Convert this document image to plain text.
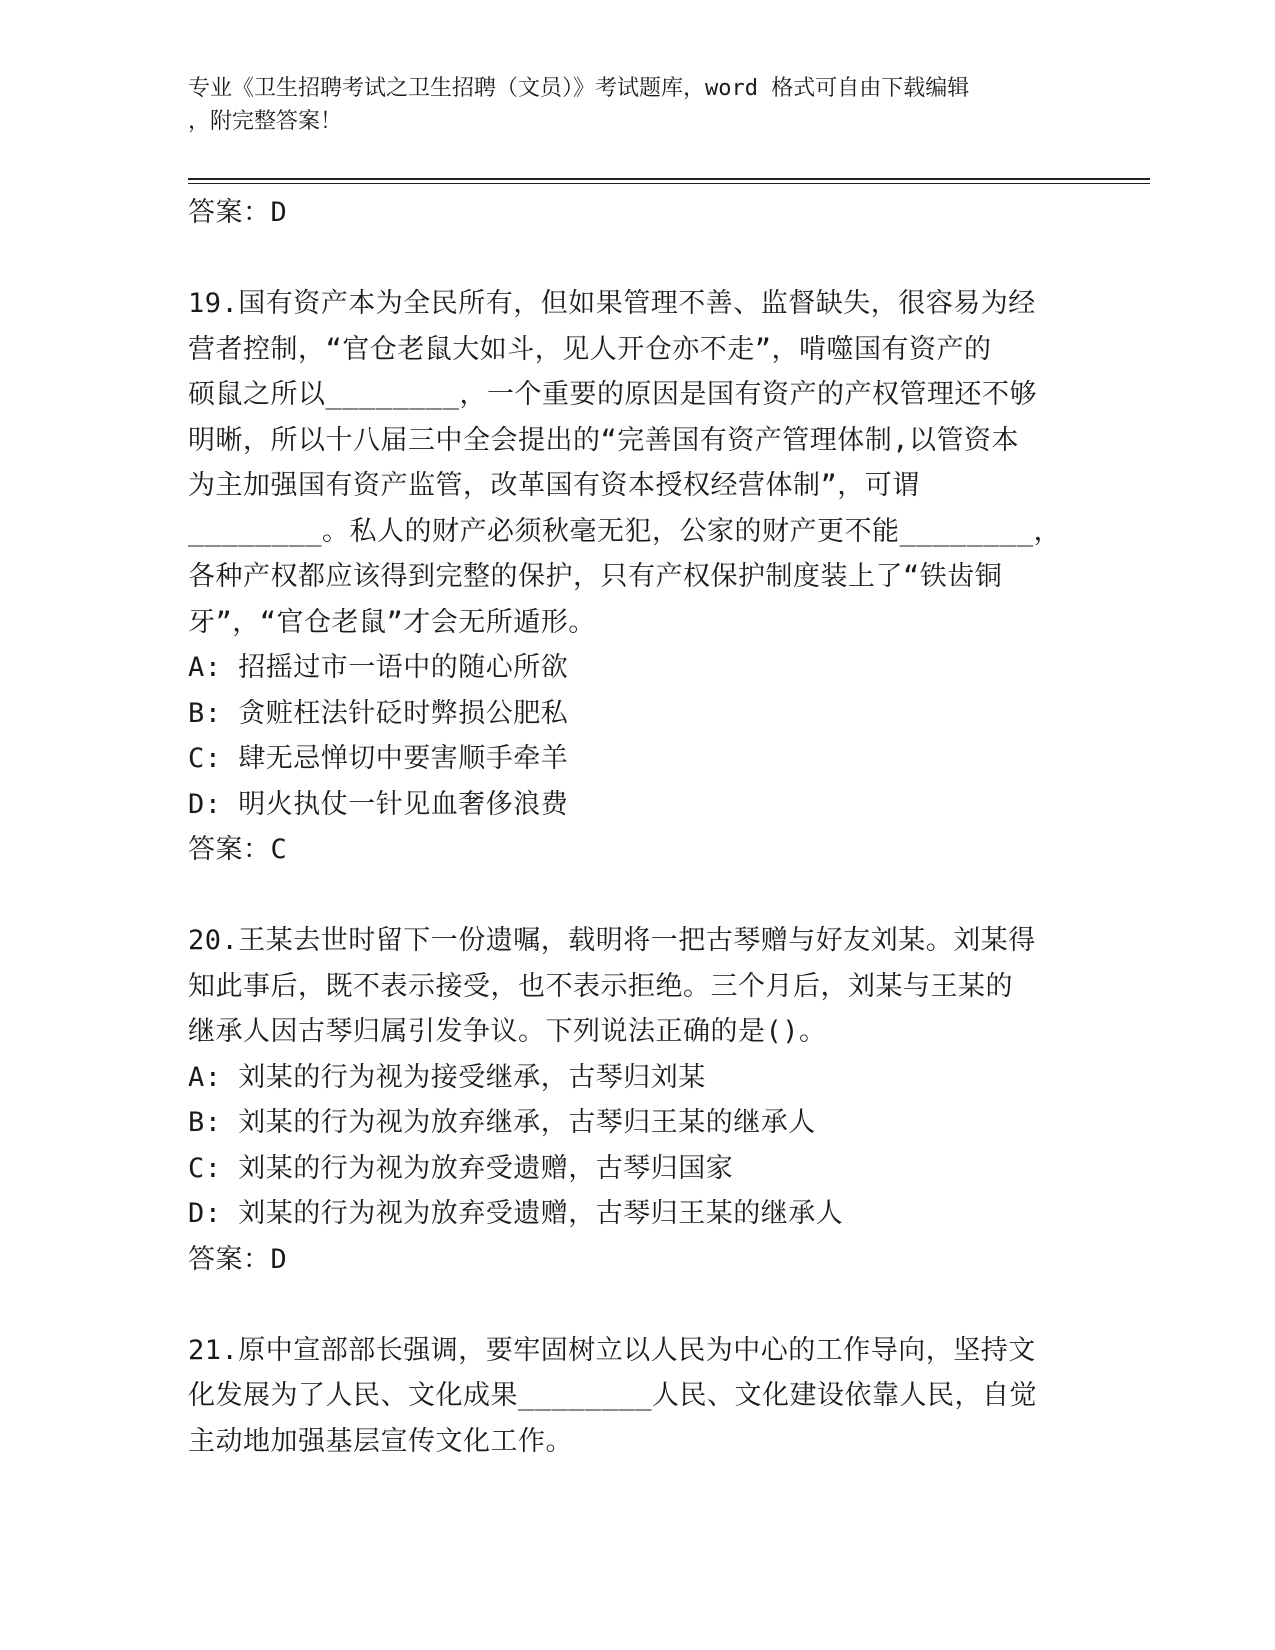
专业《卫生招聘考试之卫生招聘（文员）》考试题库，word 格式可自由下载编辑
，附完整答案！

答案：D

19.国有资产本为全民所有，但如果管理不善、监督缺失，很容易为经

营者控制，“官仓老鼠大如斗，见人开仓亦不走”，啃噬国有资产的

硕鼠之所以________，一个重要的原因是国有资产的产权管理还不够

明晰，所以十八届三中全会提出的“完善国有资产管理体制,以管资本

为主加强国有资产监管，改革国有资本授权经营体制”，可谓

________。私人的财产必须秋毫无犯，公家的财产更不能________，

各种产权都应该得到完整的保护，只有产权保护制度装上了“铁齿铜

牙”，“官仓老鼠”才会无所遁形。

A: 招摇过市一语中的随心所欲

B: 贪赃枉法针砭时弊损公肥私

C: 肆无忌惮切中要害顺手牵羊

D: 明火执仗一针见血奢侈浪费

答案：C

20.王某去世时留下一份遗嘱，载明将一把古琴赠与好友刘某。刘某得

知此事后，既不表示接受，也不表示拒绝。三个月后，刘某与王某的

继承人因古琴归属引发争议。下列说法正确的是()。

A: 刘某的行为视为接受继承，古琴归刘某

B: 刘某的行为视为放弃继承，古琴归王某的继承人

C: 刘某的行为视为放弃受遗赠，古琴归国家

D: 刘某的行为视为放弃受遗赠，古琴归王某的继承人

答案：D

21.原中宣部部长强调，要牢固树立以人民为中心的工作导向，坚持文

化发展为了人民、文化成果________人民、文化建设依靠人民，自觉

主动地加强基层宣传文化工作。
